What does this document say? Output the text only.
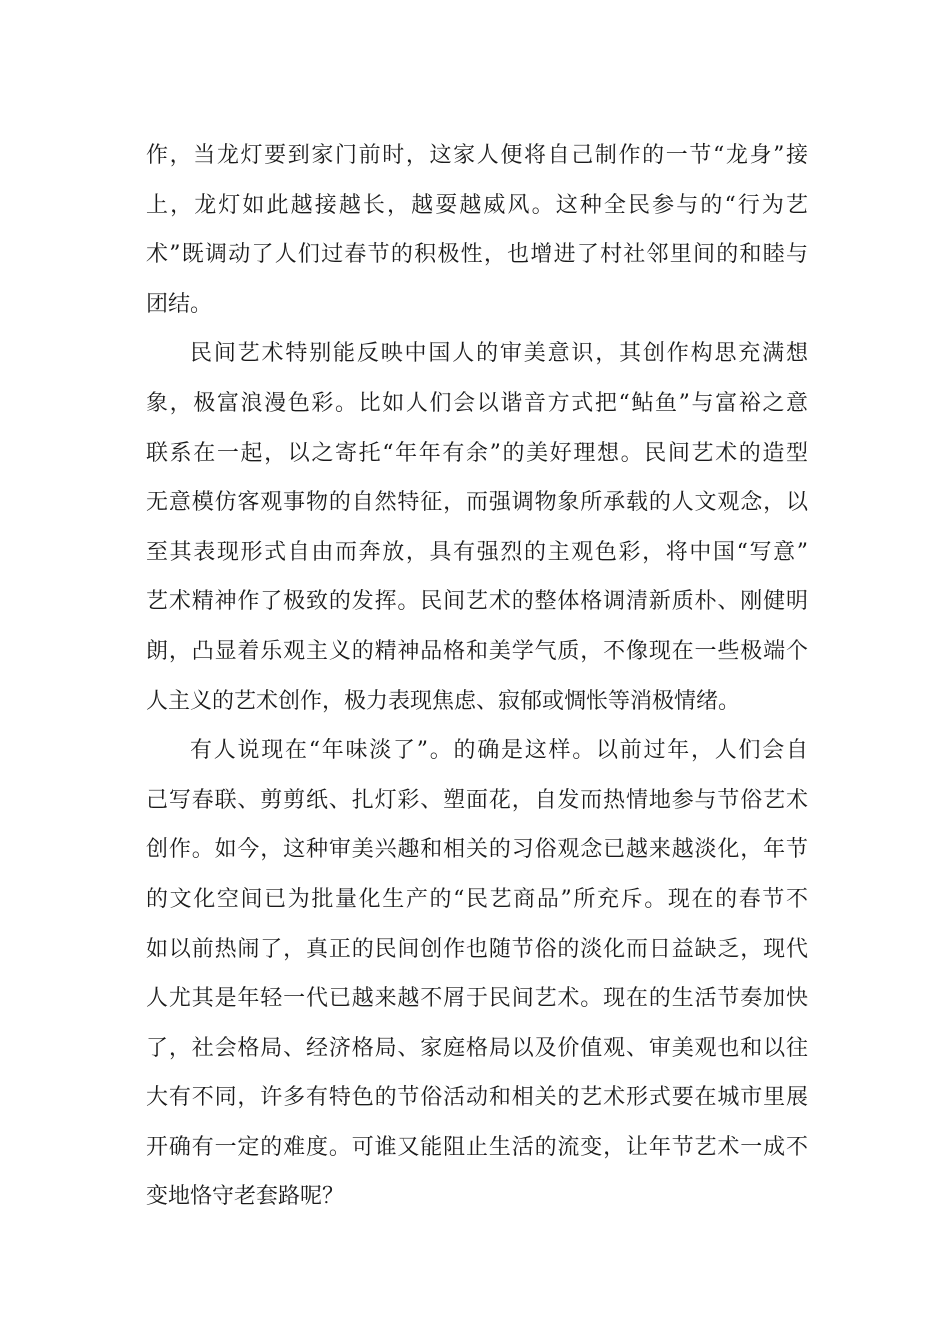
作，当龙灯要到家门前时，这家人便将自己制作的一节“龙身”接
上，龙灯如此越接越长，越耍越威风。这种全民参与的“行为艺
术”既调动了人们过春节的积极性，也增进了村社邻里间的和睦与
团结。
民间艺术特别能反映中国人的审美意识，其创作构思充满想
象，极富浪漫色彩。比如人们会以谐音方式把“鲇鱼”与富裕之意
联系在一起，以之寄托“年年有余”的美好理想。民间艺术的造型
无意模仿客观事物的自然特征，而强调物象所承载的人文观念，以
至其表现形式自由而奔放，具有强烈的主观色彩，将中国“写意”
艺术精神作了极致的发挥。民间艺术的整体格调清新质朴、刚健明
朗，凸显着乐观主义的精神品格和美学气质，不像现在一些极端个
人主义的艺术创作，极力表现焦虑、寂郁或惆怅等消极情绪。
有人说现在“年味淡了”。的确是这样。以前过年，人们会自
己写春联、剪剪纸、扎灯彩、塑面花，自发而热情地参与节俗艺术
创作。如今，这种审美兴趣和相关的习俗观念已越来越淡化，年节
的文化空间已为批量化生产的“民艺商品”所充斥。现在的春节不
如以前热闹了，真正的民间创作也随节俗的淡化而日益缺乏，现代
人尤其是年轻一代已越来越不屑于民间艺术。现在的生活节奏加快
了，社会格局、经济格局、家庭格局以及价值观、审美观也和以往
大有不同，许多有特色的节俗活动和相关的艺术形式要在城市里展
开确有一定的难度。可谁又能阻止生活的流变，让年节艺术一成不
变地恪守老套路呢？
